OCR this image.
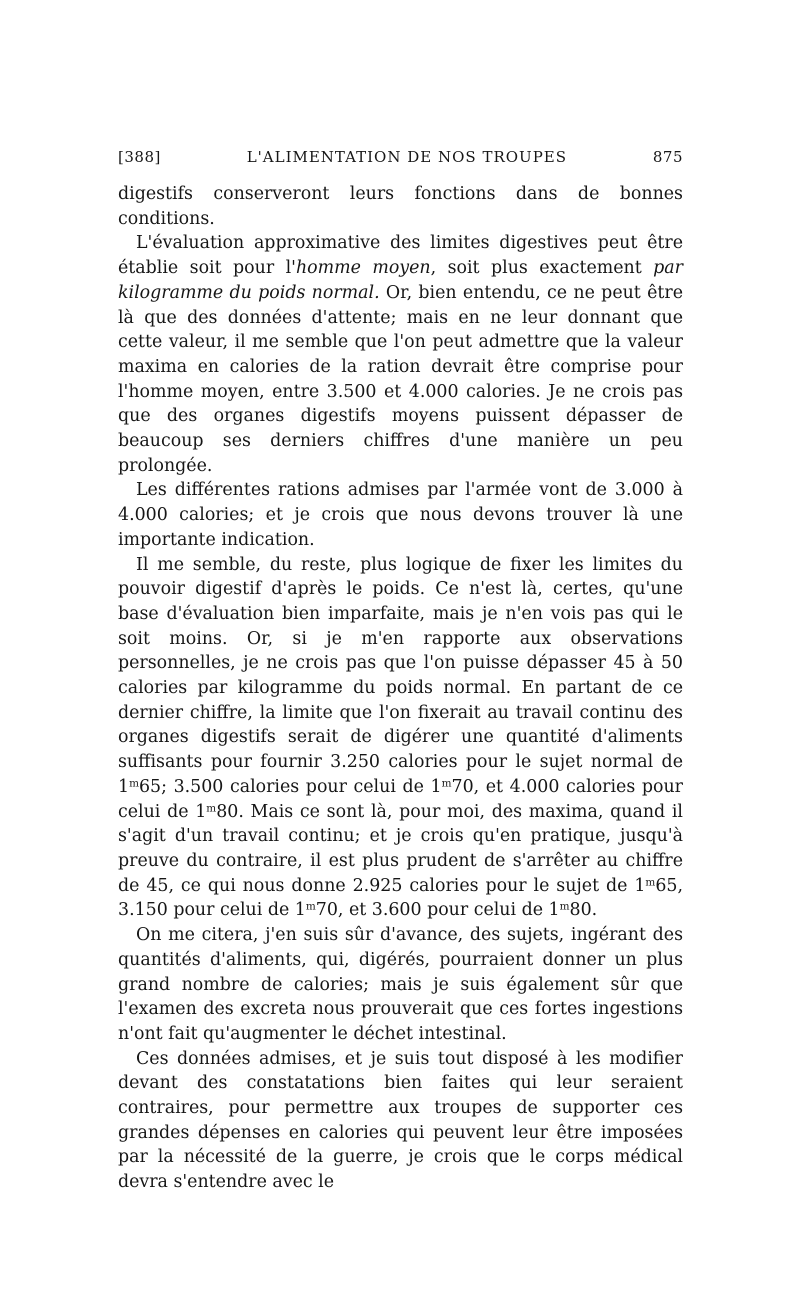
[388]	L'ALIMENTATION DE NOS TROUPES	875

digestifs conserveront leurs fonctions dans de bonnes conditions.

L'évaluation approximative des limites digestives peut être établie soit pour l'homme moyen, soit plus exactement par kilogramme du poids normal. Or, bien entendu, ce ne peut être là que des données d'attente; mais en ne leur donnant que cette valeur, il me semble que l'on peut admettre que la valeur maxima en calories de la ration devrait être comprise pour l'homme moyen, entre 3.500 et 4.000 calories. Je ne crois pas que des organes digestifs moyens puissent dépasser de beaucoup ses derniers chiffres d'une manière un peu prolongée.

Les différentes rations admises par l'armée vont de 3.000 à 4.000 calories; et je crois que nous devons trouver là une importante indication.

Il me semble, du reste, plus logique de fixer les limites du pouvoir digestif d'après le poids. Ce n'est là, certes, qu'une base d'évaluation bien imparfaite, mais je n'en vois pas qui le soit moins. Or, si je m'en rapporte aux observations personnelles, je ne crois pas que l'on puisse dépasser 45 à 50 calories par kilogramme du poids normal. En partant de ce dernier chiffre, la limite que l'on fixerait au travail continu des organes digestifs serait de digérer une quantité d'aliments suffisants pour fournir 3.250 calories pour le sujet normal de 1$^m$65; 3.500 calories pour celui de 1$^m$70, et 4.000 calories pour celui de 1$^m$80. Mais ce sont là, pour moi, des maxima, quand il s'agit d'un travail continu; et je crois qu'en pratique, jusqu'à preuve du contraire, il est plus prudent de s'arrêter au chiffre de 45, ce qui nous donne 2.925 calories pour le sujet de 1$^m$65, 3.150 pour celui de 1$^m$70, et 3.600 pour celui de 1$^m$80.

On me citera, j'en suis sûr d'avance, des sujets, ingérant des quantités d'aliments, qui, digérés, pourraient donner un plus grand nombre de calories; mais je suis également sûr que l'examen des excreta nous prouverait que ces fortes ingestions n'ont fait qu'augmenter le déchet intestinal.

Ces données admises, et je suis tout disposé à les modifier devant des constatations bien faites qui leur seraient contraires, pour permettre aux troupes de supporter ces grandes dépenses en calories qui peuvent leur être imposées par la nécessité de la guerre, je crois que le corps médical devra s'entendre avec le
